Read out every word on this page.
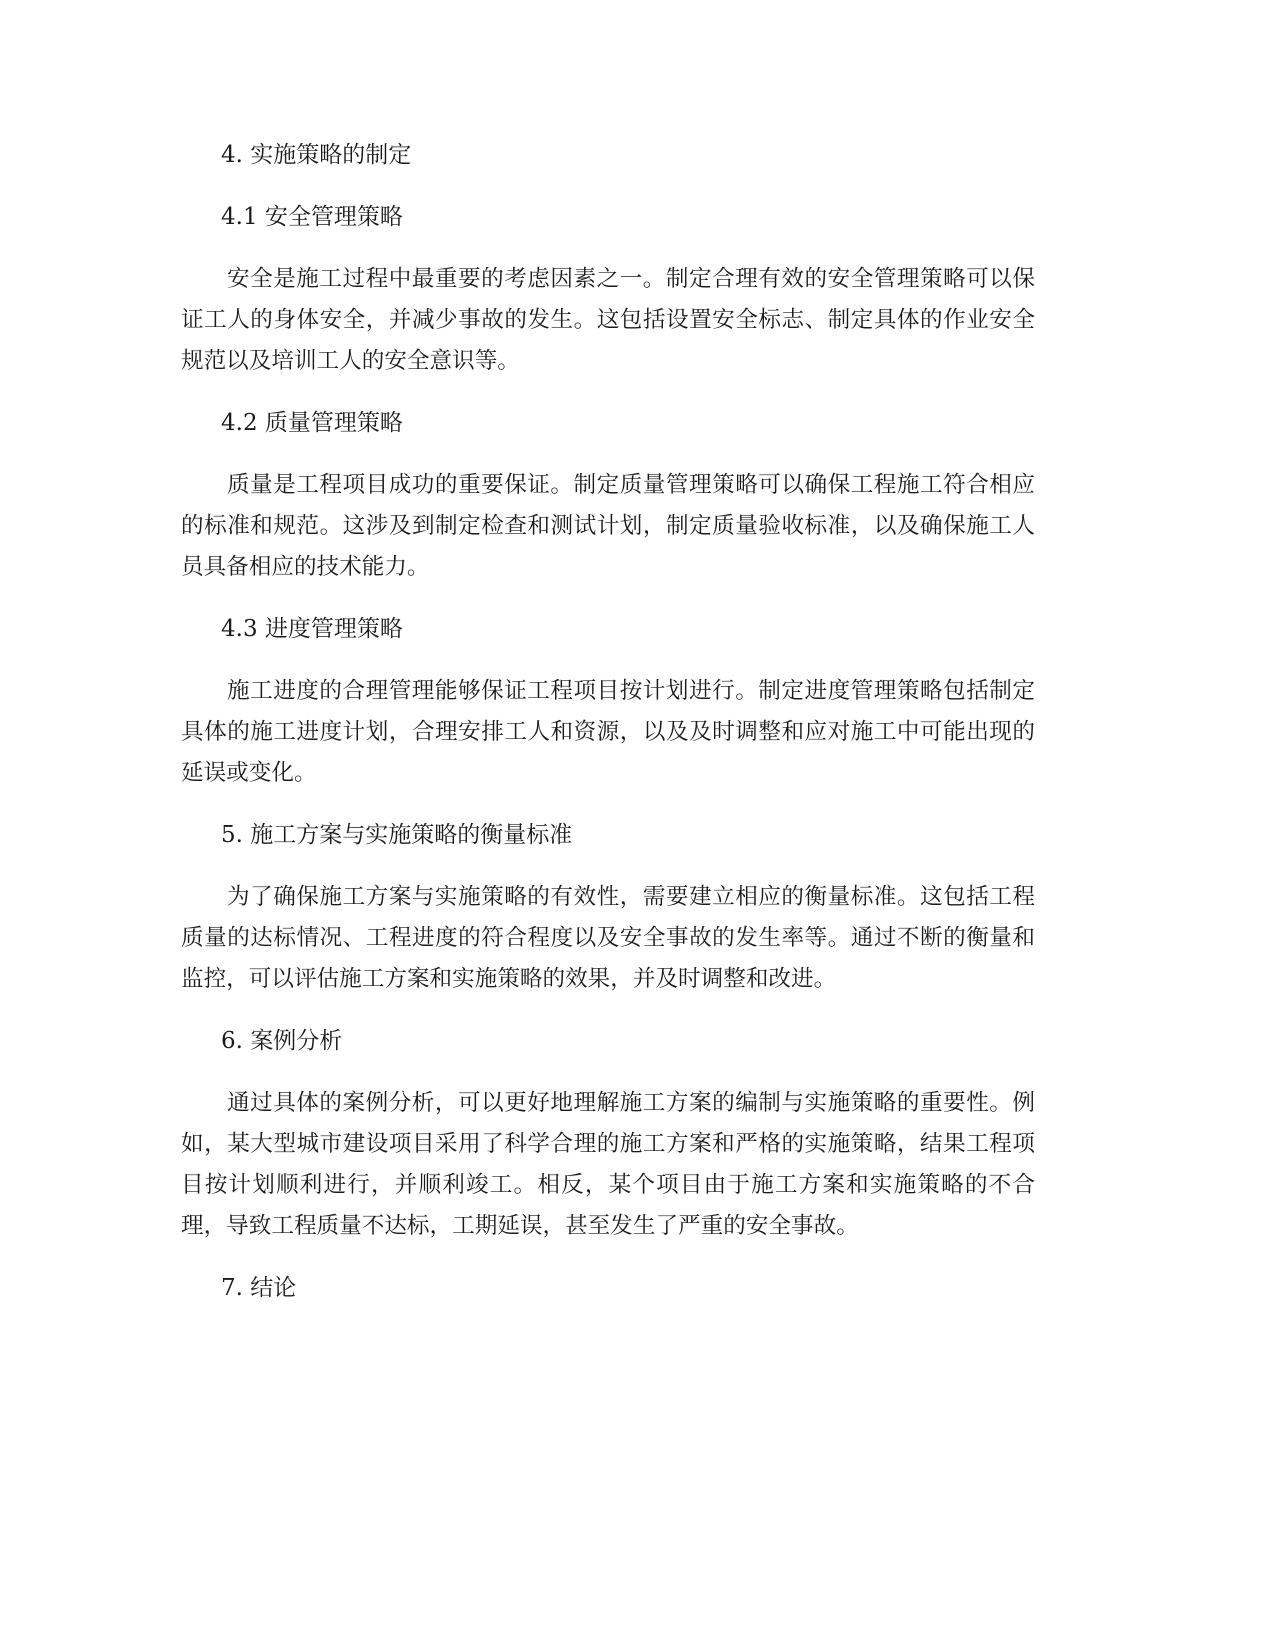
4. 实施策略的制定

4.1 安全管理策略

安全是施工过程中最重要的考虑因素之一。制定合理有效的安全管理策略可以保证工人的身体安全，并减少事故的发生。这包括设置安全标志、制定具体的作业安全规范以及培训工人的安全意识等。

4.2 质量管理策略

质量是工程项目成功的重要保证。制定质量管理策略可以确保工程施工符合相应的标准和规范。这涉及到制定检查和测试计划，制定质量验收标准，以及确保施工人员具备相应的技术能力。

4.3 进度管理策略

施工进度的合理管理能够保证工程项目按计划进行。制定进度管理策略包括制定具体的施工进度计划，合理安排工人和资源，以及及时调整和应对施工中可能出现的延误或变化。

5. 施工方案与实施策略的衡量标准

为了确保施工方案与实施策略的有效性，需要建立相应的衡量标准。这包括工程质量的达标情况、工程进度的符合程度以及安全事故的发生率等。通过不断的衡量和监控，可以评估施工方案和实施策略的效果，并及时调整和改进。

6. 案例分析

通过具体的案例分析，可以更好地理解施工方案的编制与实施策略的重要性。例如，某大型城市建设项目采用了科学合理的施工方案和严格的实施策略，结果工程项目按计划顺利进行，并顺利竣工。相反，某个项目由于施工方案和实施策略的不合理，导致工程质量不达标，工期延误，甚至发生了严重的安全事故。

7. 结论
